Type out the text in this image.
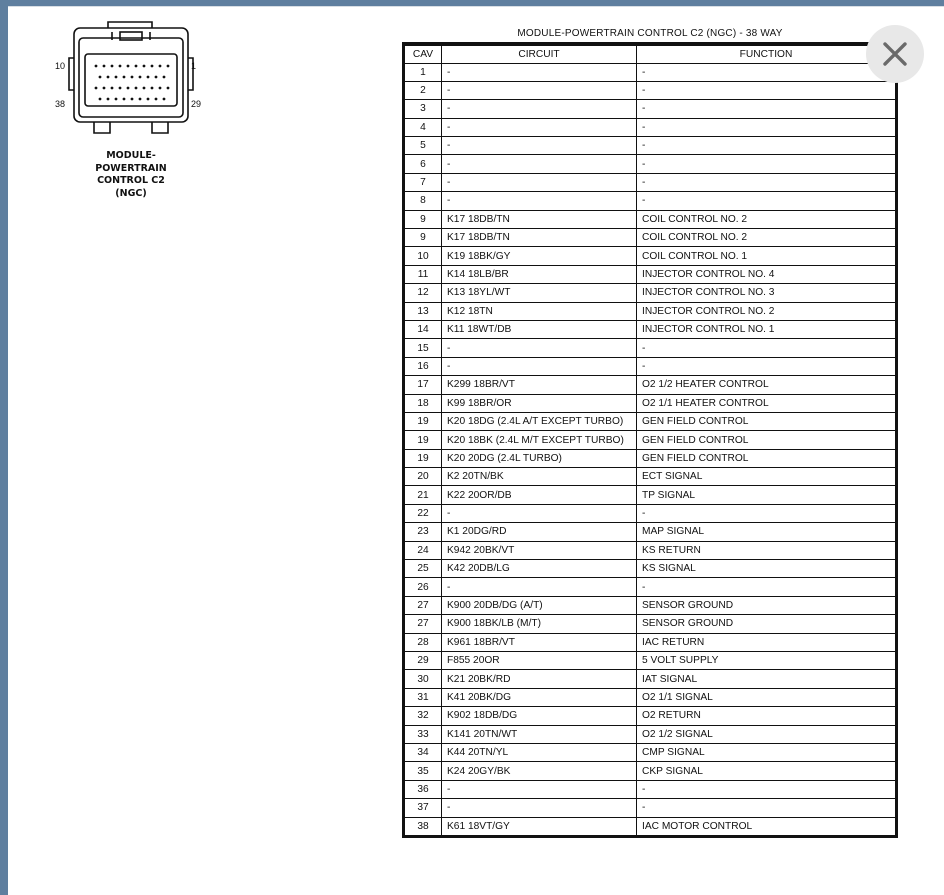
10	1
38	29
MODULE-
POWERTRAIN
CONTROL C2
(NGC)
MODULE-POWERTRAIN CONTROL C2 (NGC) - 38 WAY
CAV	CIRCUIT	FUNCTION
1	-	-
2	-	-
3	-	-
4	-	-
5	-	-
6	-	-
7	-	-
8	-	-
9	K17 18DB/TN	COIL CONTROL NO. 2
9	K17 18DB/TN	COIL CONTROL NO. 2
10	K19 18BK/GY	COIL CONTROL NO. 1
11	K14 18LB/BR	INJECTOR CONTROL NO. 4
12	K13 18YL/WT	INJECTOR CONTROL NO. 3
13	K12 18TN	INJECTOR CONTROL NO. 2
14	K11 18WT/DB	INJECTOR CONTROL NO. 1
15	-	-
16	-	-
17	K299 18BR/VT	O2 1/2 HEATER CONTROL
18	K99 18BR/OR	O2 1/1 HEATER CONTROL
19	K20 18DG (2.4L A/T EXCEPT TURBO)	GEN FIELD CONTROL
19	K20 18BK (2.4L M/T EXCEPT TURBO)	GEN FIELD CONTROL
19	K20 20DG (2.4L TURBO)	GEN FIELD CONTROL
20	K2 20TN/BK	ECT SIGNAL
21	K22 20OR/DB	TP SIGNAL
22	-	-
23	K1 20DG/RD	MAP SIGNAL
24	K942 20BK/VT	KS RETURN
25	K42 20DB/LG	KS SIGNAL
26	-	-
27	K900 20DB/DG (A/T)	SENSOR GROUND
27	K900 18BK/LB (M/T)	SENSOR GROUND
28	K961 18BR/VT	IAC RETURN
29	F855 20OR	5 VOLT SUPPLY
30	K21 20BK/RD	IAT SIGNAL
31	K41 20BK/DG	O2 1/1 SIGNAL
32	K902 18DB/DG	O2 RETURN
33	K141 20TN/WT	O2 1/2 SIGNAL
34	K44 20TN/YL	CMP SIGNAL
35	K24 20GY/BK	CKP SIGNAL
36	-	-
37	-	-
38	K61 18VT/GY	IAC MOTOR CONTROL
